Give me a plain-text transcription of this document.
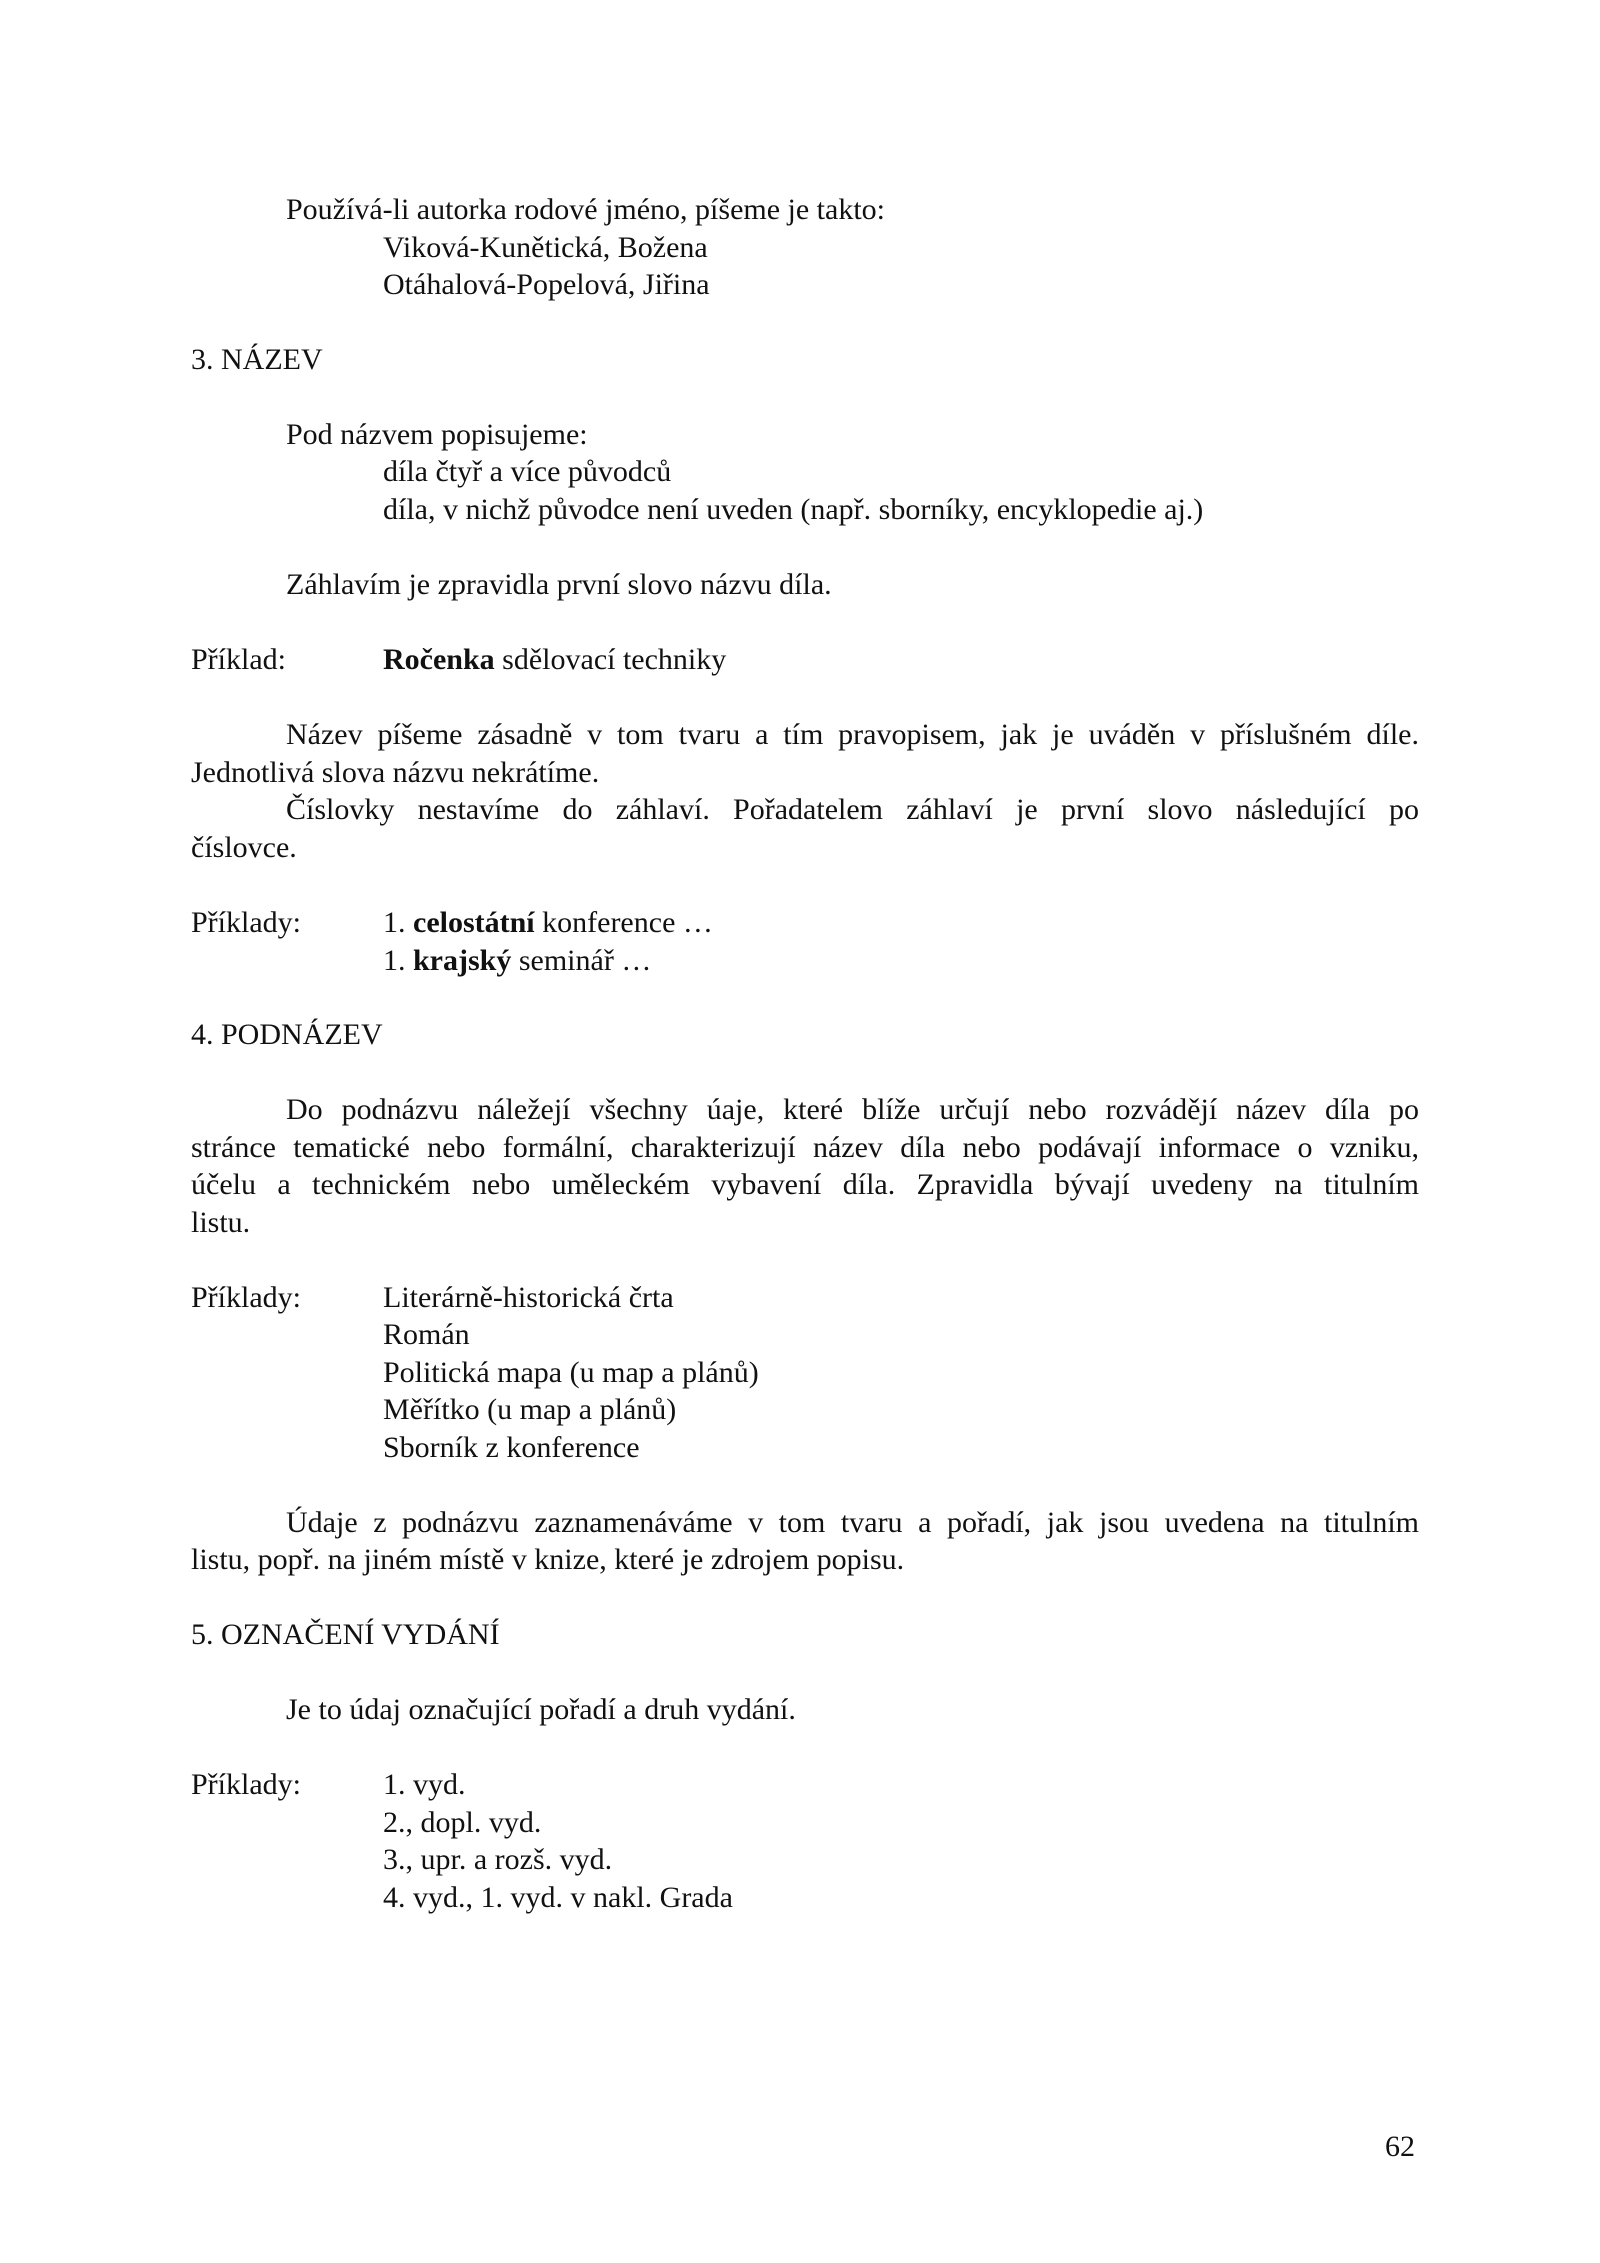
Používá-li autorka rodové jméno, píšeme je takto:
Viková-Kunětická, Božena
Otáhalová-Popelová, Jiřina
3. NÁZEV
Pod názvem popisujeme:
díla čtyř a více původců
díla, v nichž původce není uveden (např. sborníky, encyklopedie aj.)
Záhlavím je zpravidla první slovo názvu díla.
Příklad:	Ročenka sdělovací techniky
Název píšeme zásadně v tom tvaru a tím pravopisem, jak je uváděn v příslušném díle.
Jednotlivá slova názvu nekrátíme.
Číslovky nestavíme do záhlaví. Pořadatelem záhlaví je první slovo následující po
číslovce.
Příklady:	1. celostátní konference …
1. krajský seminář …
4. PODNÁZEV
Do podnázvu náležejí všechny úaje, které blíže určují nebo rozvádějí název díla po
stránce tematické nebo formální, charakterizují název díla nebo podávají informace o vzniku,
účelu a technickém nebo uměleckém vybavení díla. Zpravidla bývají uvedeny na titulním
listu.
Příklady:	Literárně-historická črta
Román
Politická mapa (u map a plánů)
Měřítko (u map a plánů)
Sborník z konference
Údaje z podnázvu zaznamenáváme v tom tvaru a pořadí, jak jsou uvedena na titulním
listu, popř. na jiném místě v knize, které je zdrojem popisu.
5. OZNAČENÍ VYDÁNÍ
Je to údaj označující pořadí a druh vydání.
Příklady:	1. vyd.
2., dopl. vyd.
3., upr. a rozš. vyd.
4. vyd., 1. vyd. v nakl. Grada
62
